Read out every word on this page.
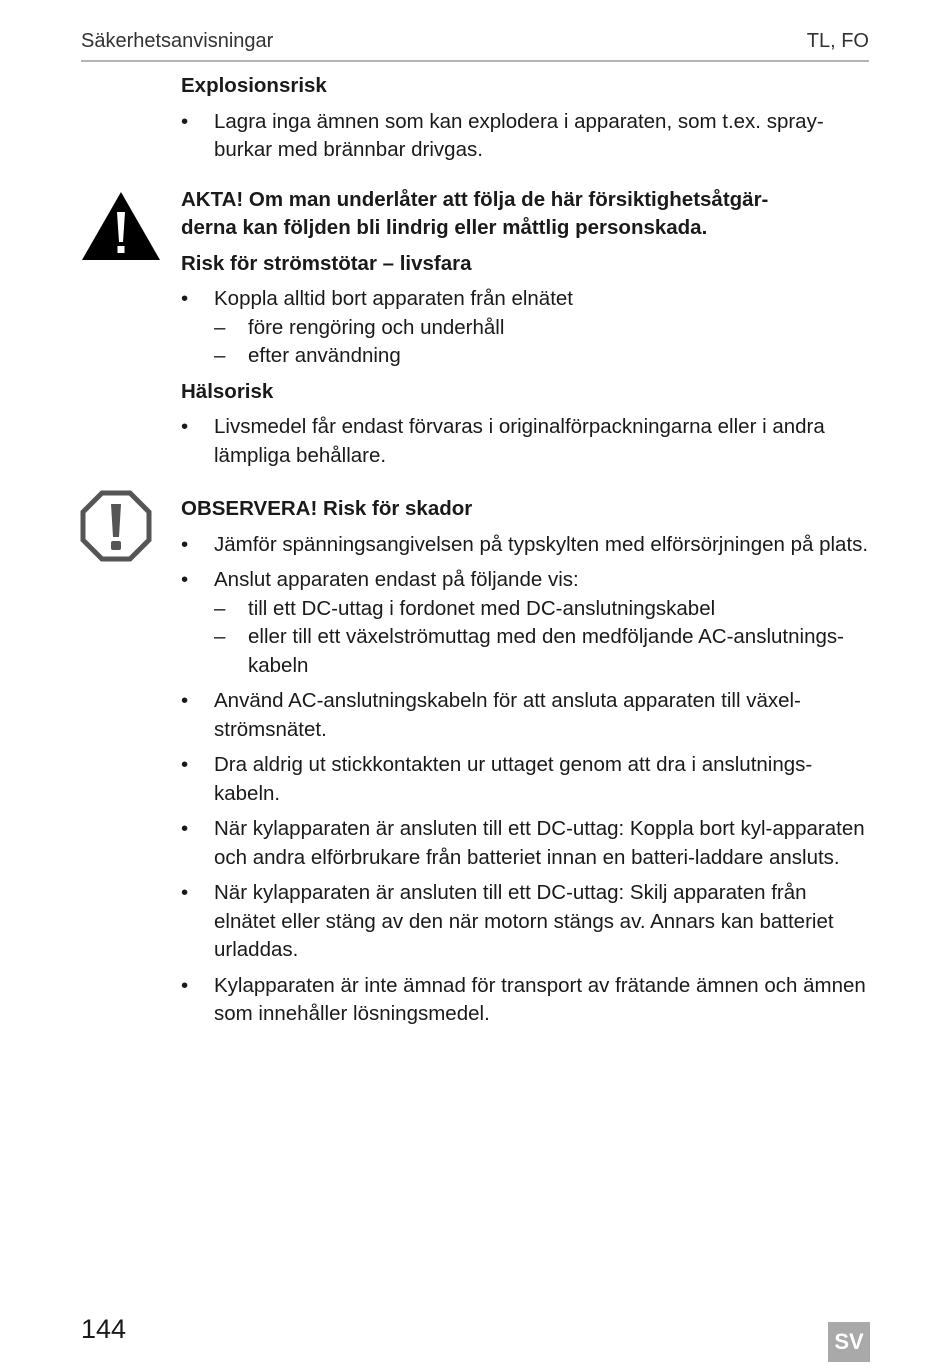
Säkerhetsanvisningar	TL, FO
Explosionsrisk
• Lagra inga ämnen som kan explodera i apparaten, som t.ex. spray-burkar med brännbar drivgas.
AKTA! Om man underlåter att följa de här försiktighetsåtgär-
derna kan följden bli lindrig eller måttlig personskada.
Risk för strömstötar – livsfara
• Koppla alltid bort apparaten från elnätet
– före rengöring och underhåll
– efter användning
Hälsorisk
• Livsmedel får endast förvaras i originalförpackningarna eller i andra lämpliga behållare.
OBSERVERA! Risk för skador
• Jämför spänningsangivelsen på typskylten med elförsörjningen på plats.
• Anslut apparaten endast på följande vis:
– till ett DC-uttag i fordonet med DC-anslutningskabel
– eller till ett växelströmuttag med den medföljande AC-anslutnings-kabeln
• Använd AC-anslutningskabeln för att ansluta apparaten till växel-strömsnätet.
• Dra aldrig ut stickkontakten ur uttaget genom att dra i anslutnings-kabeln.
• När kylapparaten är ansluten till ett DC-uttag: Koppla bort kyl-apparaten och andra elförbrukare från batteriet innan en batteri-laddare ansluts.
• När kylapparaten är ansluten till ett DC-uttag: Skilj apparaten från elnätet eller stäng av den när motorn stängs av. Annars kan batteriet urladdas.
• Kylapparaten är inte ämnad för transport av frätande ämnen och ämnen som innehåller lösningsmedel.
144	SV
